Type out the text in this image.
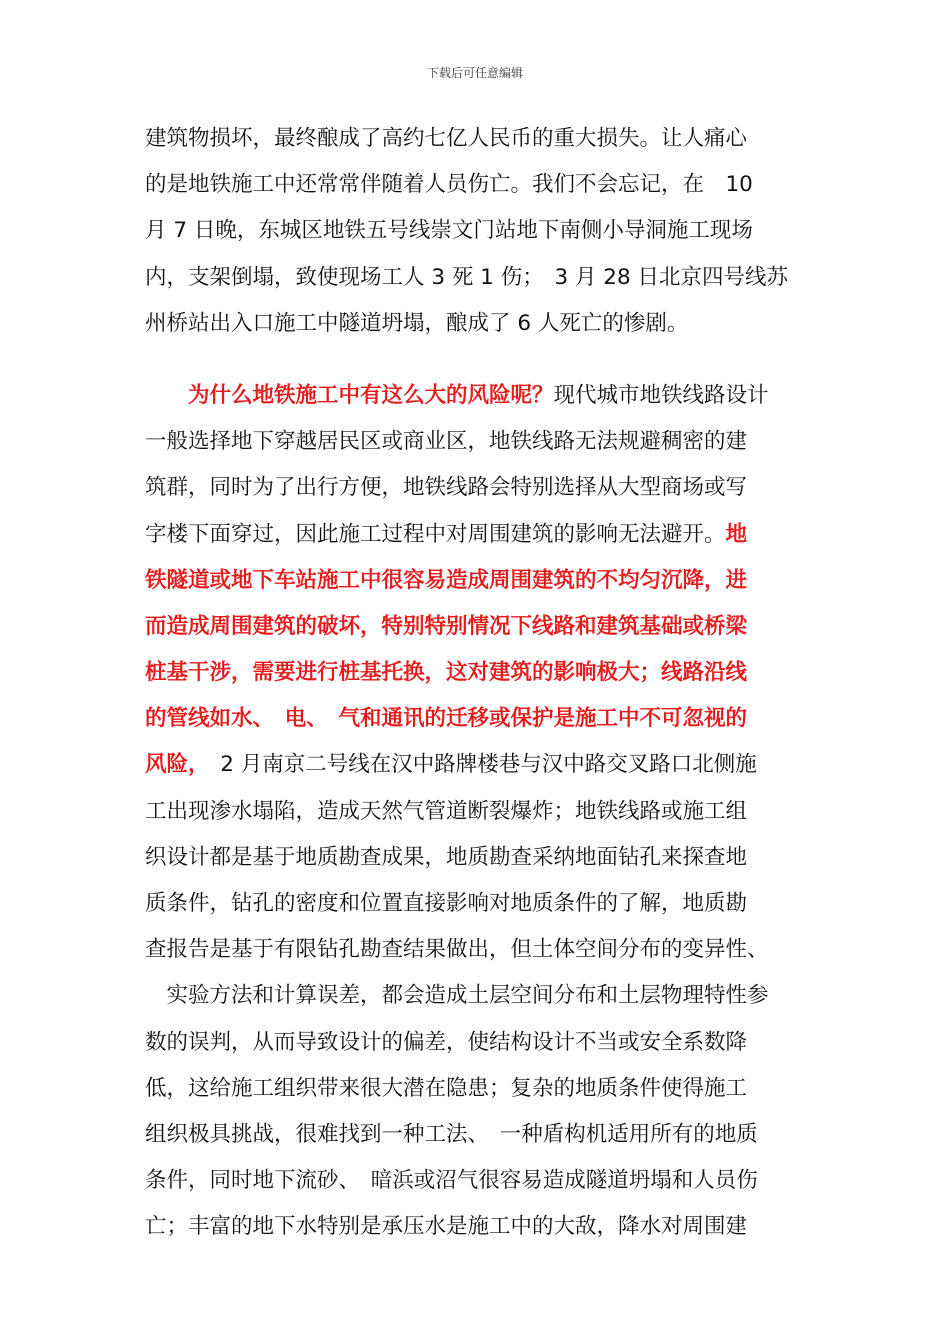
下载后可任意编辑
建筑物损坏，最终酿成了高约七亿人民币的重大损失。让人痛心
的是地铁施工中还常常伴随着人员伤亡。我们不会忘记，在　10
月 7 日晚，东城区地铁五号线崇文门站地下南侧小导洞施工现场
内，支架倒塌，致使现场工人 3 死 1 伤；　3 月 28 日北京四号线苏
州桥站出入口施工中隧道坍塌，酿成了 6 人死亡的惨剧。
　　为什么地铁施工中有这么大的风险呢？现代城市地铁线路设计
一般选择地下穿越居民区或商业区，地铁线路无法规避稠密的建
筑群，同时为了出行方便，地铁线路会特别选择从大型商场或写
字楼下面穿过，因此施工过程中对周围建筑的影响无法避开。地
铁隧道或地下车站施工中很容易造成周围建筑的不均匀沉降，进
而造成周围建筑的破坏，特别特别情况下线路和建筑基础或桥梁
桩基干涉，需要进行桩基托换，这对建筑的影响极大；线路沿线
的管线如水、　电、　气和通讯的迁移或保护是施工中不可忽视的
风险，　2 月南京二号线在汉中路牌楼巷与汉中路交叉路口北侧施
工出现渗水塌陷，造成天然气管道断裂爆炸；地铁线路或施工组
织设计都是基于地质勘查成果，地质勘查采纳地面钻孔来探查地
质条件，钻孔的密度和位置直接影响对地质条件的了解，地质勘
查报告是基于有限钻孔勘查结果做出，但土体空间分布的变异性、
　实验方法和计算误差，都会造成土层空间分布和土层物理特性参
数的误判，从而导致设计的偏差，使结构设计不当或安全系数降
低，这给施工组织带来很大潜在隐患；复杂的地质条件使得施工
组织极具挑战，很难找到一种工法、　一种盾构机适用所有的地质
条件，同时地下流砂、　暗浜或沼气很容易造成隧道坍塌和人员伤
亡；丰富的地下水特别是承压水是施工中的大敌，降水对周围建
